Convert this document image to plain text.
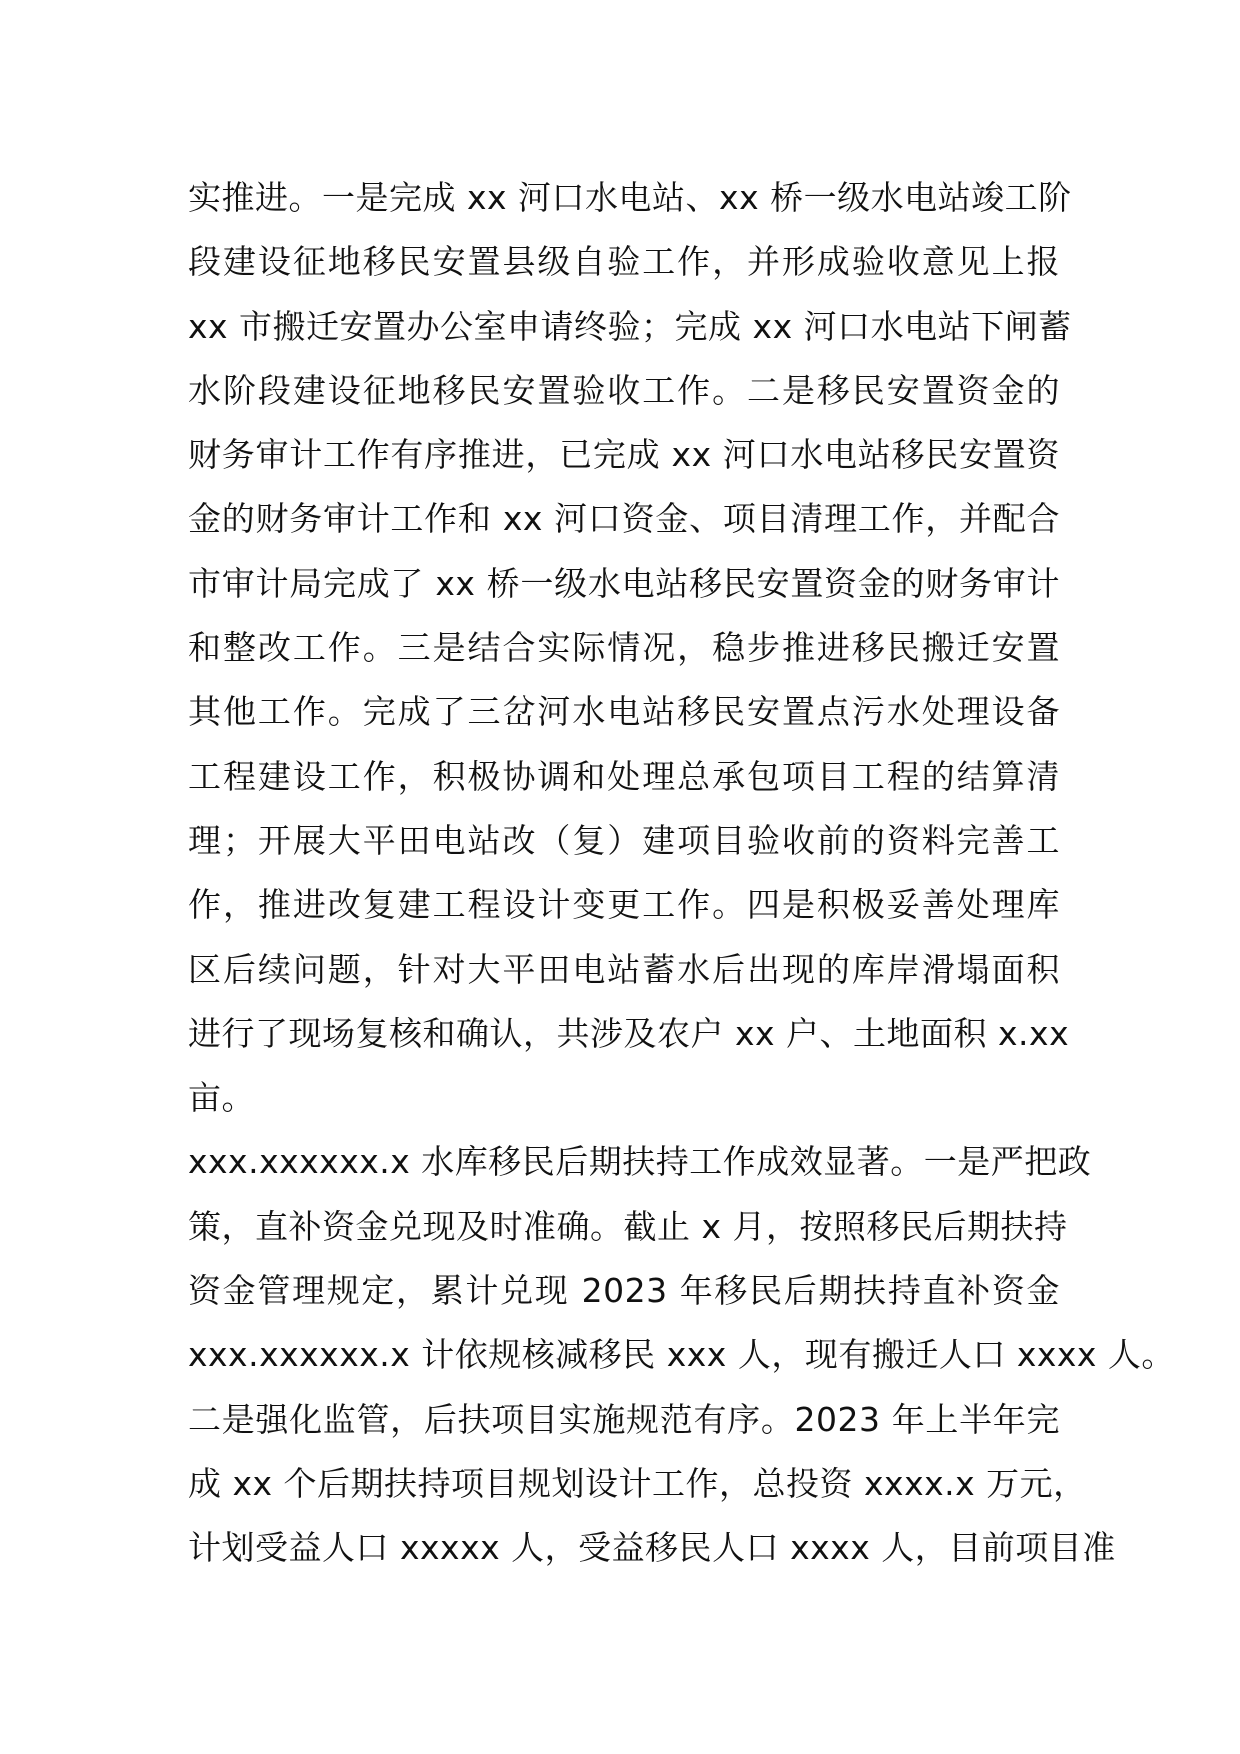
实推进。一是完成 xx 河口水电站、xx 桥一级水电站竣工阶
段建设征地移民安置县级自验工作，并形成验收意见上报
xx 市搬迁安置办公室申请终验；完成 xx 河口水电站下闸蓄
水阶段建设征地移民安置验收工作。二是移民安置资金的
财务审计工作有序推进，已完成 xx 河口水电站移民安置资
金的财务审计工作和 xx 河口资金、项目清理工作，并配合
市审计局完成了 xx 桥一级水电站移民安置资金的财务审计
和整改工作。三是结合实际情况，稳步推进移民搬迁安置
其他工作。完成了三岔河水电站移民安置点污水处理设备
工程建设工作，积极协调和处理总承包项目工程的结算清
理；开展大平田电站改（复）建项目验收前的资料完善工
作，推进改复建工程设计变更工作。四是积极妥善处理库
区后续问题，针对大平田电站蓄水后出现的库岸滑塌面积
进行了现场复核和确认，共涉及农户 xx 户、土地面积 x.xx
亩。
xxx.xxxxxx.x 水库移民后期扶持工作成效显著。一是严把政
策，直补资金兑现及时准确。截止 x 月，按照移民后期扶持
资金管理规定，累计兑现 2023 年移民后期扶持直补资金
xxx.xxxxxx.x 计依规核减移民 xxx 人，现有搬迁人口 xxxx 人。
二是强化监管，后扶项目实施规范有序。2023 年上半年完
成 xx 个后期扶持项目规划设计工作，总投资 xxxx.x 万元，
计划受益人口 xxxxx 人，受益移民人口 xxxx 人，目前项目准
